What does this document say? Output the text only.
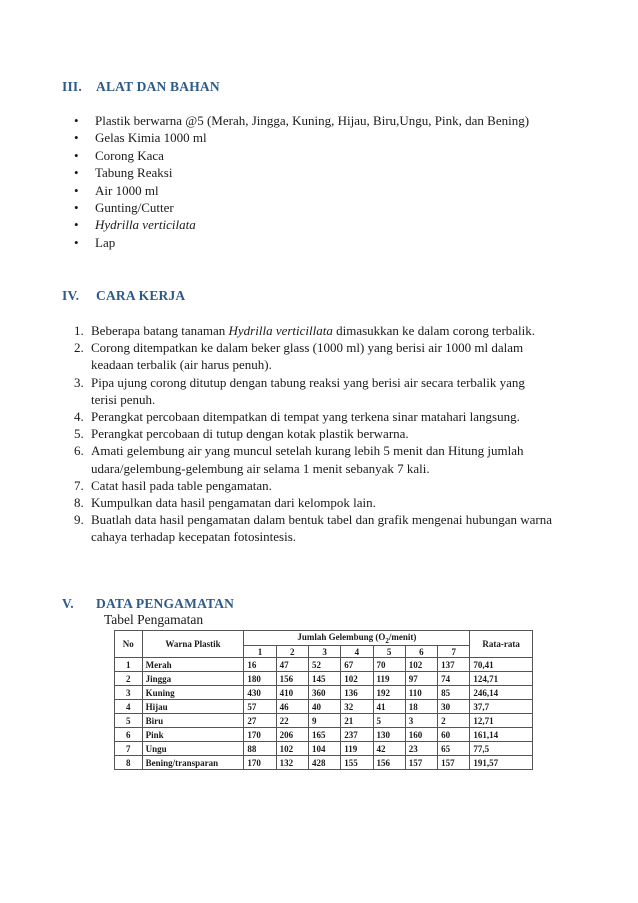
III.	ALAT DAN BAHAN
• Plastik berwarna @5 (Merah, Jingga, Kuning, Hijau, Biru,Ungu, Pink, dan Bening)
• Gelas Kimia 1000 ml
• Corong Kaca
• Tabung Reaksi
• Air 1000 ml
• Gunting/Cutter
• Hydrilla verticilata
• Lap
IV.	CARA KERJA
1. Beberapa batang tanaman Hydrilla verticillata dimasukkan ke dalam corong terbalik.
2. Corong ditempatkan ke dalam beker glass (1000 ml) yang berisi air 1000 ml dalam keadaan terbalik (air harus penuh).
3. Pipa ujung corong ditutup dengan tabung reaksi yang berisi air secara terbalik yang terisi penuh.
4. Perangkat percobaan ditempatkan di tempat yang terkena sinar matahari langsung.
5. Perangkat percobaan di tutup dengan kotak plastik berwarna.
6. Amati gelembung air yang muncul setelah kurang lebih 5 menit dan Hitung jumlah udara/gelembung-gelembung air selama 1 menit sebanyak 7 kali.
7. Catat hasil pada table pengamatan.
8. Kumpulkan data hasil pengamatan dari kelompok lain.
9. Buatlah data hasil pengamatan dalam bentuk tabel dan grafik mengenai hubungan warna cahaya terhadap kecepatan fotosintesis.
V.	DATA PENGAMATAN
Tabel Pengamatan
No	Warna Plastik	Jumlah Gelembung $(O_2/menit)$							Rata-rata
		1	2	3	4	5	6	7	
1	Merah	16	47	52	67	70	102	137	70,41
2	Jingga	180	156	145	102	119	97	74	124,71
3	Kuning	430	410	360	136	192	110	85	246,14
4	Hijau	57	46	40	32	41	18	30	37,7
5	Biru	27	22	9	21	5	3	2	12,71
6	Pink	170	206	165	237	130	160	60	161,14
7	Ungu	88	102	104	119	42	23	65	77,5
8	Bening/transparan	170	132	428	155	156	157	157	191,57
